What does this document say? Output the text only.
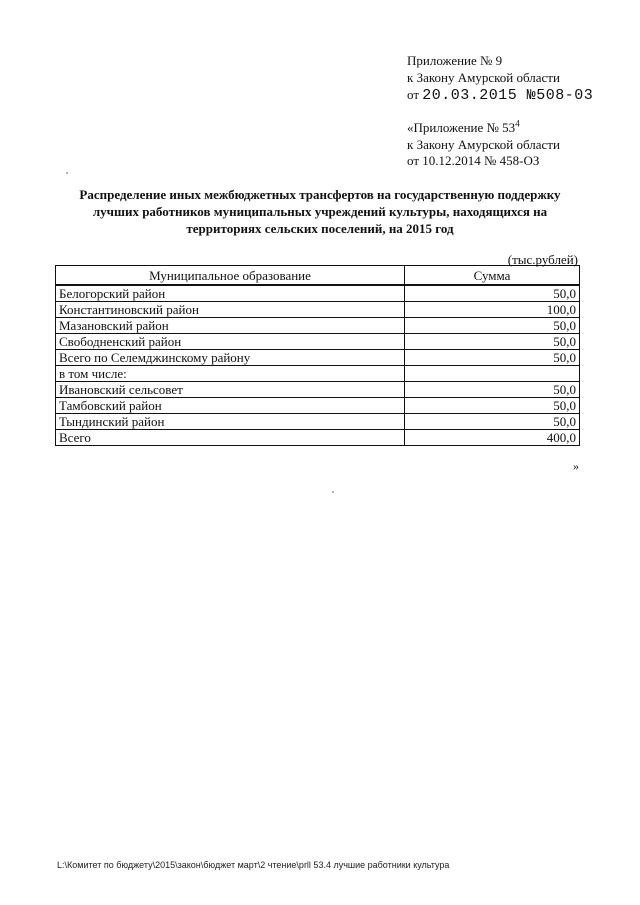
Приложение № 9
к Закону Амурской области
от 20.03.2015 №508-03
«Приложение № $53^4$
к Закону Амурской области
от 10.12.2014 № 458-ОЗ
Распределение иных межбюджетных трансфертов на государственную поддержку
лучших работников муниципальных учреждений культуры, находящихся на
территориях сельских поселений, на 2015 год
(тыс.рублей)
Муниципальное образование	Сумма
Белогорский район	50,0
Константиновский район	100,0
Мазановский район	50,0
Свободненский район	50,0
Всего по Селемджинскому району	50,0
в том числе:	
Ивановский сельсовет	50,0
Тамбовский район	50,0
Тындинский район	50,0
Всего	400,0
»
L:\Комитет по бюджету\2015\закон\бюджет март\2 чтение\prll 53.4 лучшие работники культура
